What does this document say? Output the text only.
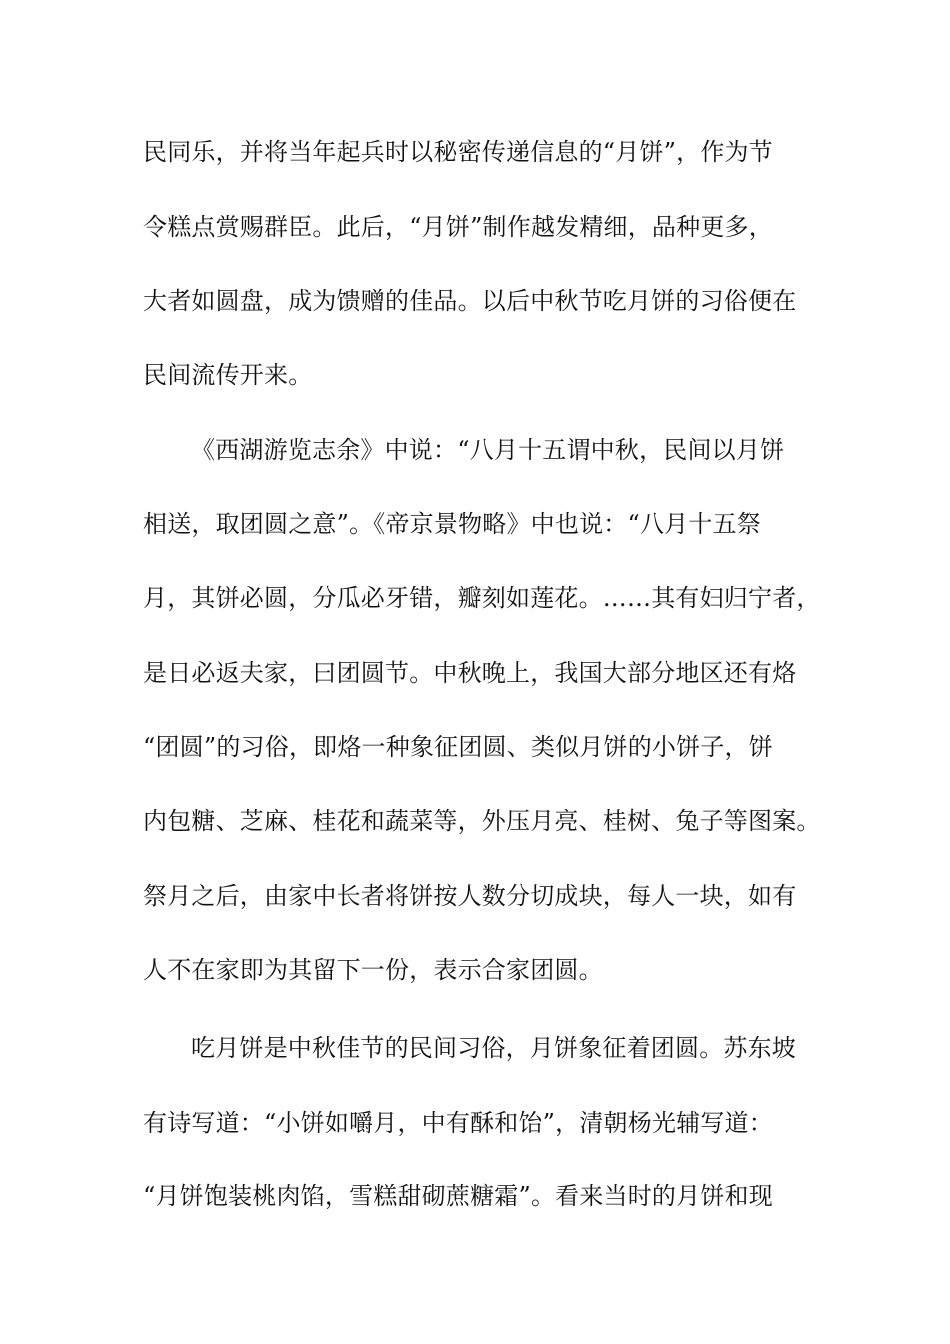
民同乐，并将当年起兵时以秘密传递信息的“月饼”，作为节
令糕点赏赐群臣。此后，“月饼”制作越发精细，品种更多，
大者如圆盘，成为馈赠的佳品。以后中秋节吃月饼的习俗便在
民间流传开来。
《西湖游览志余》中说：“八月十五谓中秋，民间以月饼
相送，取团圆之意”。《帝京景物略》中也说：“八月十五祭
月，其饼必圆，分瓜必牙错，瓣刻如莲花。……其有妇归宁者，
是日必返夫家，曰团圆节。中秋晚上，我国大部分地区还有烙
“团圆”的习俗，即烙一种象征团圆、类似月饼的小饼子，饼
内包糖、芝麻、桂花和蔬菜等，外压月亮、桂树、兔子等图案。
祭月之后，由家中长者将饼按人数分切成块，每人一块，如有
人不在家即为其留下一份，表示合家团圆。
吃月饼是中秋佳节的民间习俗，月饼象征着团圆。苏东坡
有诗写道：“小饼如嚼月，中有酥和饴”，清朝杨光辅写道：
“月饼饱装桃肉馅，雪糕甜砌蔗糖霜”。看来当时的月饼和现
